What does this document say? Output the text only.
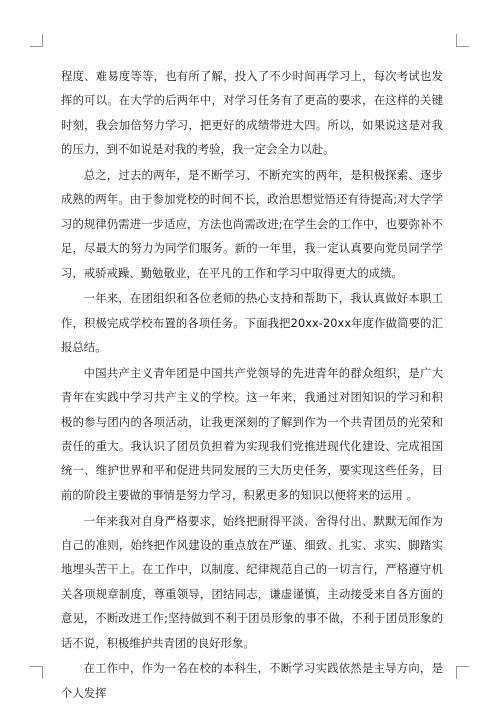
程度、难易度等等，也有所了解，投入了不少时间再学习上，每次考试也发挥的可以。在大学的后两年中，对学习任务有了更高的要求，在这样的关键时刻，我会加倍努力学习，把更好的成绩带进大四。所以，如果说这是对我的压力，到不如说是对我的考验，我一定会全力以赴。

总之，过去的两年，是不断学习、不断充实的两年，是积极探索、逐步成熟的两年。由于参加党校的时间不长，政治思想觉悟还有待提高;对大学学习的规律仍需进一步适应，方法也尚需改进;在学生会的工作中，也要弥补不足，尽最大的努力为同学们服务。新的一年里，我一定认真要向党员同学学习，戒骄戒躁、勤勉敬业，在平凡的工作和学习中取得更大的成绩。

一年来，在团组织和各位老师的热心支持和帮助下，我认真做好本职工作，积极完成学校布置的各项任务。下面我把20xx-20xx年度作做简要的汇报总结。

中国共产主义青年团是中国共产党领导的先进青年的群众组织，是广大青年在实践中学习共产主义的学校。这一年来，我通过对团知识的学习和积极的参与团内的各项活动，让我更深刻的了解到作为一个共青团员的光荣和责任的重大。我认识了团员负担着为实现我们党推进现代化建设、完成祖国统一、维护世界和平和促进共同发展的三大历史任务，要实现这些任务，目前的阶段主要做的事情是努力学习，积累更多的知识以便将来的运用 。

一年来我对自身严格要求，始终把耐得平淡、舍得付出、默默无闻作为自己的准则，始终把作风建设的重点放在严谨、细致、扎实、求实、脚踏实地埋头苦干上。在工作中，以制度、纪律规范自己的一切言行，严格遵守机关各项规章制度，尊重领导，团结同志，谦虚谨慎，主动接受来自各方面的意见，不断改进工作;坚持做到不利于团员形象的事不做，不利于团员形象的话不说，积极维护共青团的良好形象。

在工作中，作为一名在校的本科生，不断学习实践依然是主导方向，是个人发挥
